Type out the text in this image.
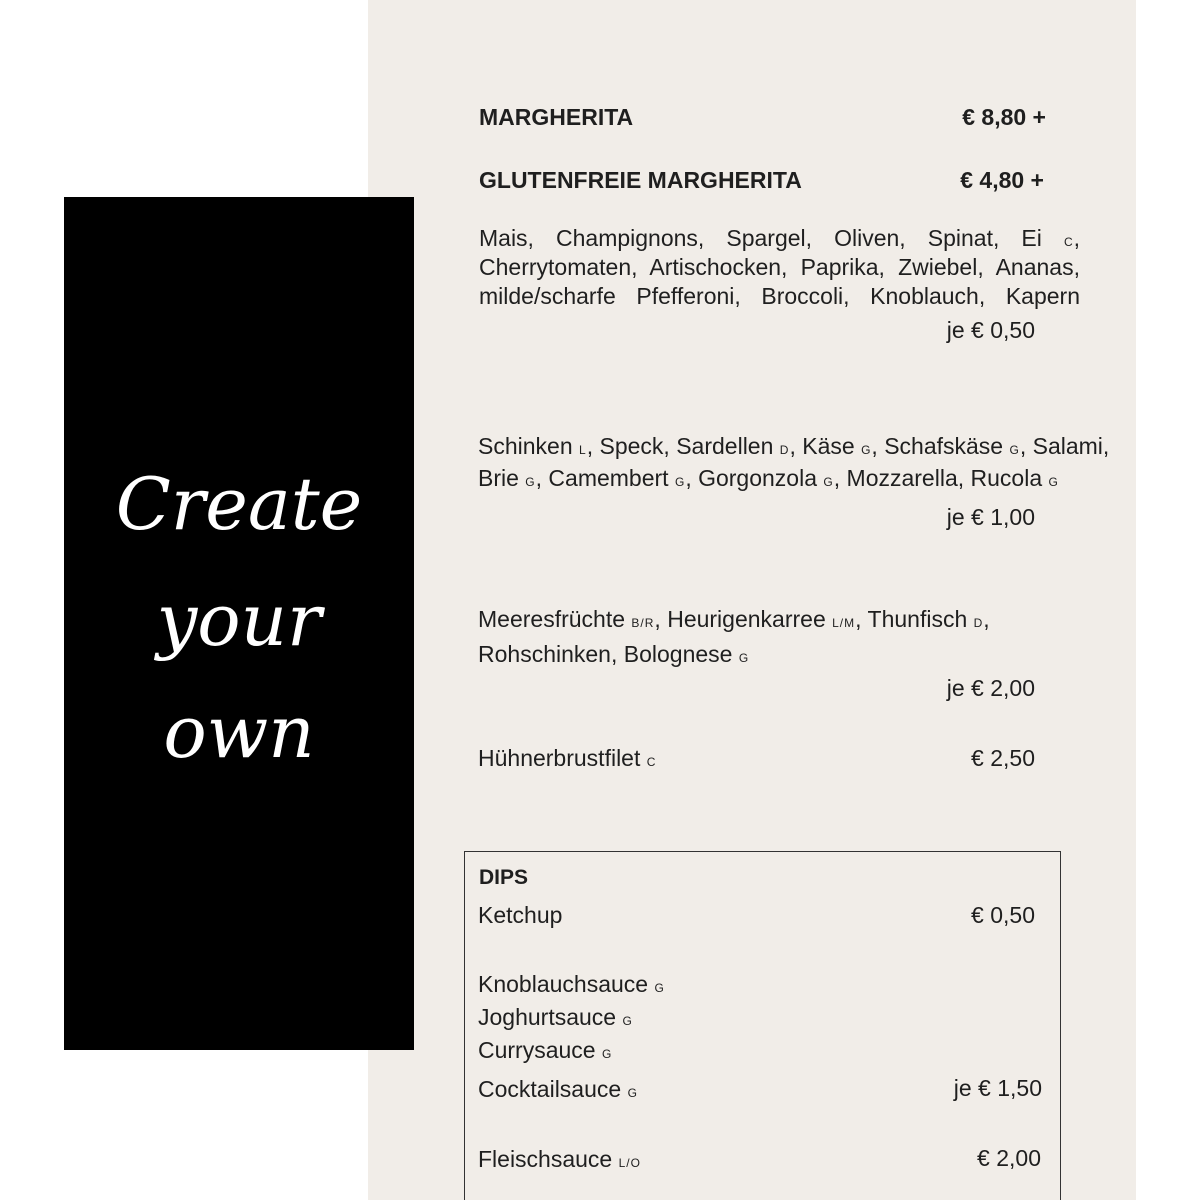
Create
your
own
MARGHERITA	€ 8,80 +
GLUTENFREIE MARGHERITA	€ 4,80 +
Mais, Champignons, Spargel, Oliven, Spinat, Ei C,
Cherrytomaten, Artischocken, Paprika, Zwiebel, Ananas,
milde/scharfe Pfefferoni, Broccoli, Knoblauch, Kapern
je € 0,50
Schinken L, Speck, Sardellen D, Käse G, Schafskäse G, Salami,
Brie G, Camembert G, Gorgonzola G, Mozzarella, Rucola G
je € 1,00
Meeresfrüchte B/R, Heurigenkarree L/M, Thunfisch D,
Rohschinken, Bolognese G
je € 2,00
Hühnerbrustfilet C	€ 2,50
DIPS
Ketchup	€ 0,50
Knoblauchsauce G
Joghurtsauce G
Currysauce G
Cocktailsauce G	je € 1,50
Fleischsauce L/O	€ 2,00
